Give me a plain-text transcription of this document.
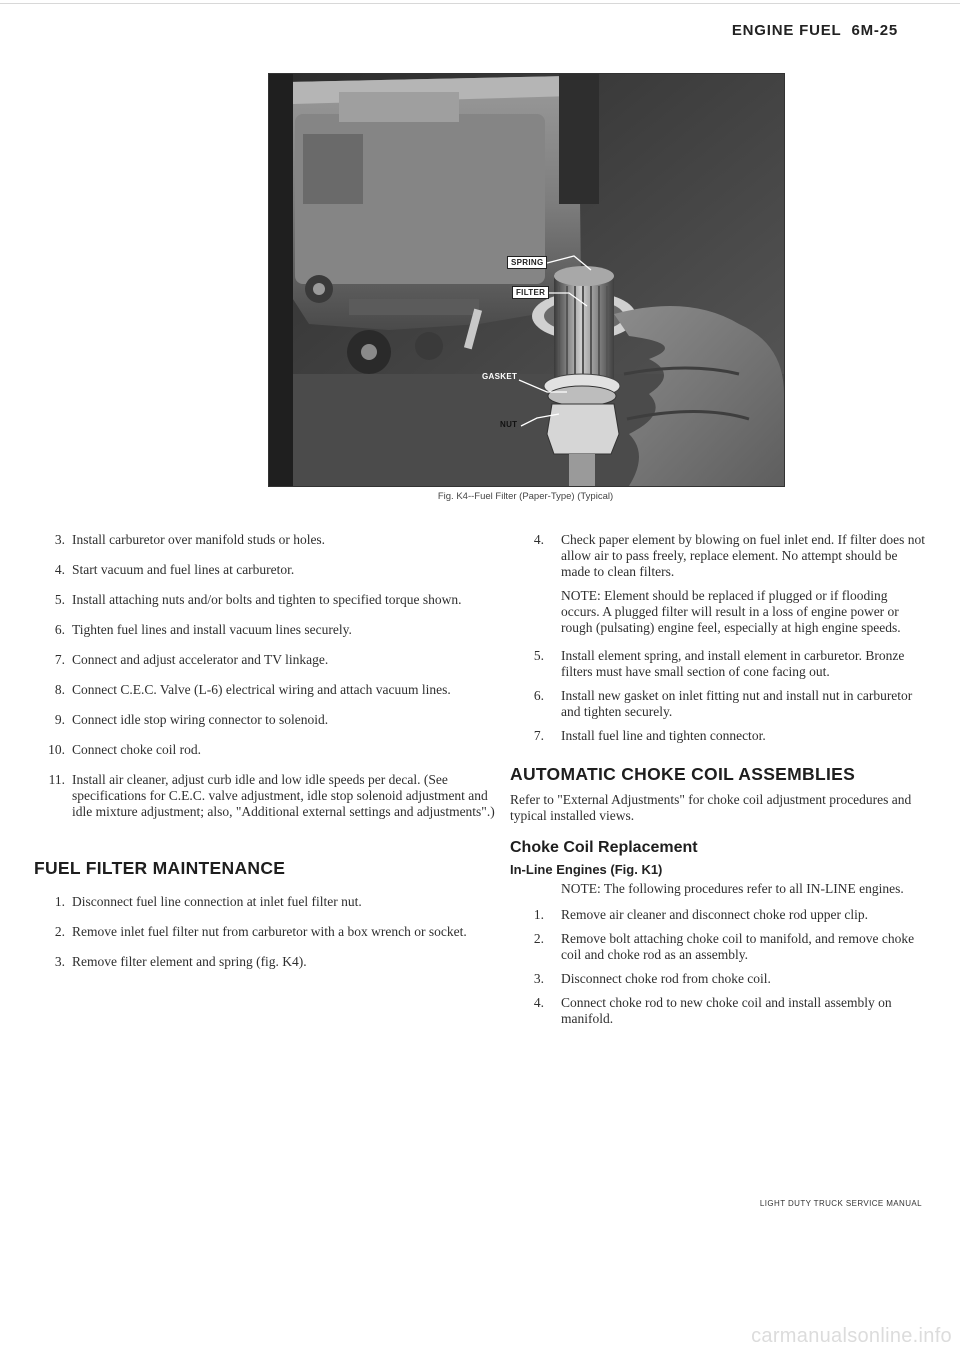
ENGINE FUEL 6M-25
SPRING
FILTER
GASKET
NUT
Fig. K4--Fuel Filter (Paper-Type) (Typical)
3. Install carburetor over manifold studs or holes.
4. Start vacuum and fuel lines at carburetor.
5. Install attaching nuts and/or bolts and tighten to specified torque shown.
6. Tighten fuel lines and install vacuum lines securely.
7. Connect and adjust accelerator and TV linkage.
8. Connect C.E.C. Valve (L-6) electrical wiring and attach vacuum lines.
9. Connect idle stop wiring connector to solenoid.
10. Connect choke coil rod.
11. Install air cleaner, adjust curb idle and low idle speeds per decal. (See specifications for C.E.C. valve adjustment, idle stop solenoid adjustment and idle mixture adjustment; also, "Additional external settings and adjustments".)
FUEL FILTER MAINTENANCE
1. Disconnect fuel line connection at inlet fuel filter nut.
2. Remove inlet fuel filter nut from carburetor with a box wrench or socket.
3. Remove filter element and spring (fig. K4).
4. Check paper element by blowing on fuel inlet end. If filter does not allow air to pass freely, replace element. No attempt should be made to clean filters.
NOTE: Element should be replaced if plugged or if flooding occurs. A plugged filter will result in a loss of engine power or rough (pulsating) engine feel, especially at high engine speeds.
5. Install element spring, and install element in carburetor. Bronze filters must have small section of cone facing out.
6. Install new gasket on inlet fitting nut and install nut in carburetor and tighten securely.
7. Install fuel line and tighten connector.
AUTOMATIC CHOKE COIL ASSEMBLIES
Refer to "External Adjustments" for choke coil adjustment procedures and typical installed views.
Choke Coil Replacement
In-Line Engines (Fig. K1)
NOTE: The following procedures refer to all IN-LINE engines.
1. Remove air cleaner and disconnect choke rod upper clip.
2. Remove bolt attaching choke coil to manifold, and remove choke coil and choke rod as an assembly.
3. Disconnect choke rod from choke coil.
4. Connect choke rod to new choke coil and install assembly on manifold.
LIGHT DUTY TRUCK SERVICE MANUAL
carmanualsonline.info
